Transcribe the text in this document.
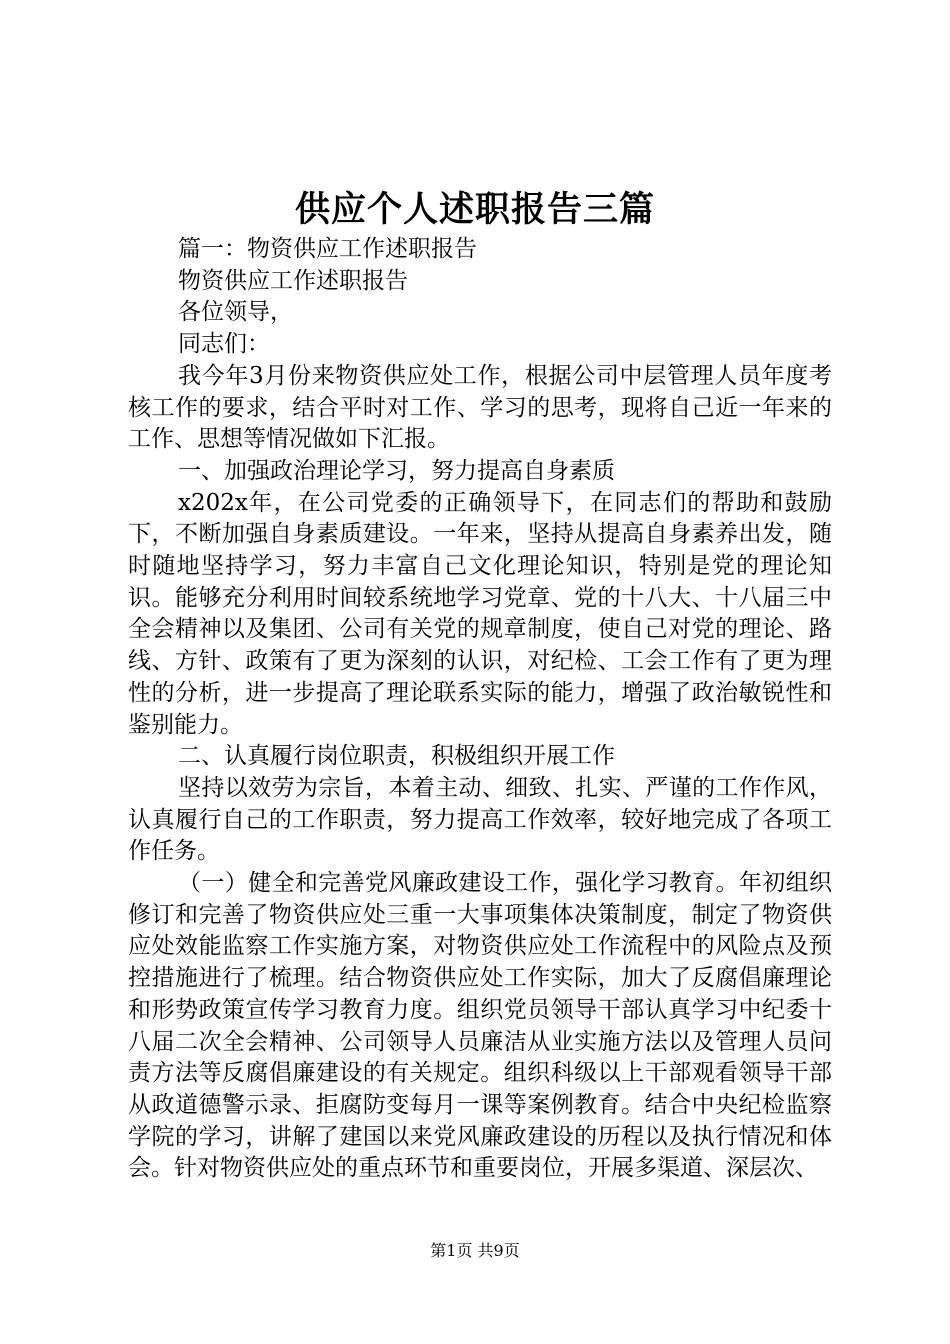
供应个人述职报告三篇

篇一：物资供应工作述职报告

物资供应工作述职报告

各位领导，

同志们：

我今年3月份来物资供应处工作，根据公司中层管理人员年度考核工作的要求，结合平时对工作、学习的思考，现将自己近一年来的工作、思想等情况做如下汇报。

一、加强政治理论学习，努力提高自身素质

x202x年，在公司党委的正确领导下，在同志们的帮助和鼓励下，不断加强自身素质建设。一年来，坚持从提高自身素养出发，随时随地坚持学习，努力丰富自己文化理论知识，特别是党的理论知识。能够充分利用时间较系统地学习党章、党的十八大、十八届三中全会精神以及集团、公司有关党的规章制度，使自己对党的理论、路线、方针、政策有了更为深刻的认识，对纪检、工会工作有了更为理性的分析，进一步提高了理论联系实际的能力，增强了政治敏锐性和鉴别能力。

二、认真履行岗位职责，积极组织开展工作

坚持以效劳为宗旨，本着主动、细致、扎实、严谨的工作作风，认真履行自己的工作职责，努力提高工作效率，较好地完成了各项工作任务。

（一）健全和完善党风廉政建设工作，强化学习教育。年初组织修订和完善了物资供应处三重一大事项集体决策制度，制定了物资供应处效能监察工作实施方案，对物资供应处工作流程中的风险点及预控措施进行了梳理。结合物资供应处工作实际，加大了反腐倡廉理论和形势政策宣传学习教育力度。组织党员领导干部认真学习中纪委十八届二次全会精神、公司领导人员廉洁从业实施方法以及管理人员问责方法等反腐倡廉建设的有关规定。组织科级以上干部观看领导干部从政道德警示录、拒腐防变每月一课等案例教育。结合中央纪检监察学院的学习，讲解了建国以来党风廉政建设的历程以及执行情况和体会。针对物资供应处的重点环节和重要岗位，开展多渠道、深层次、

第1页 共9页
